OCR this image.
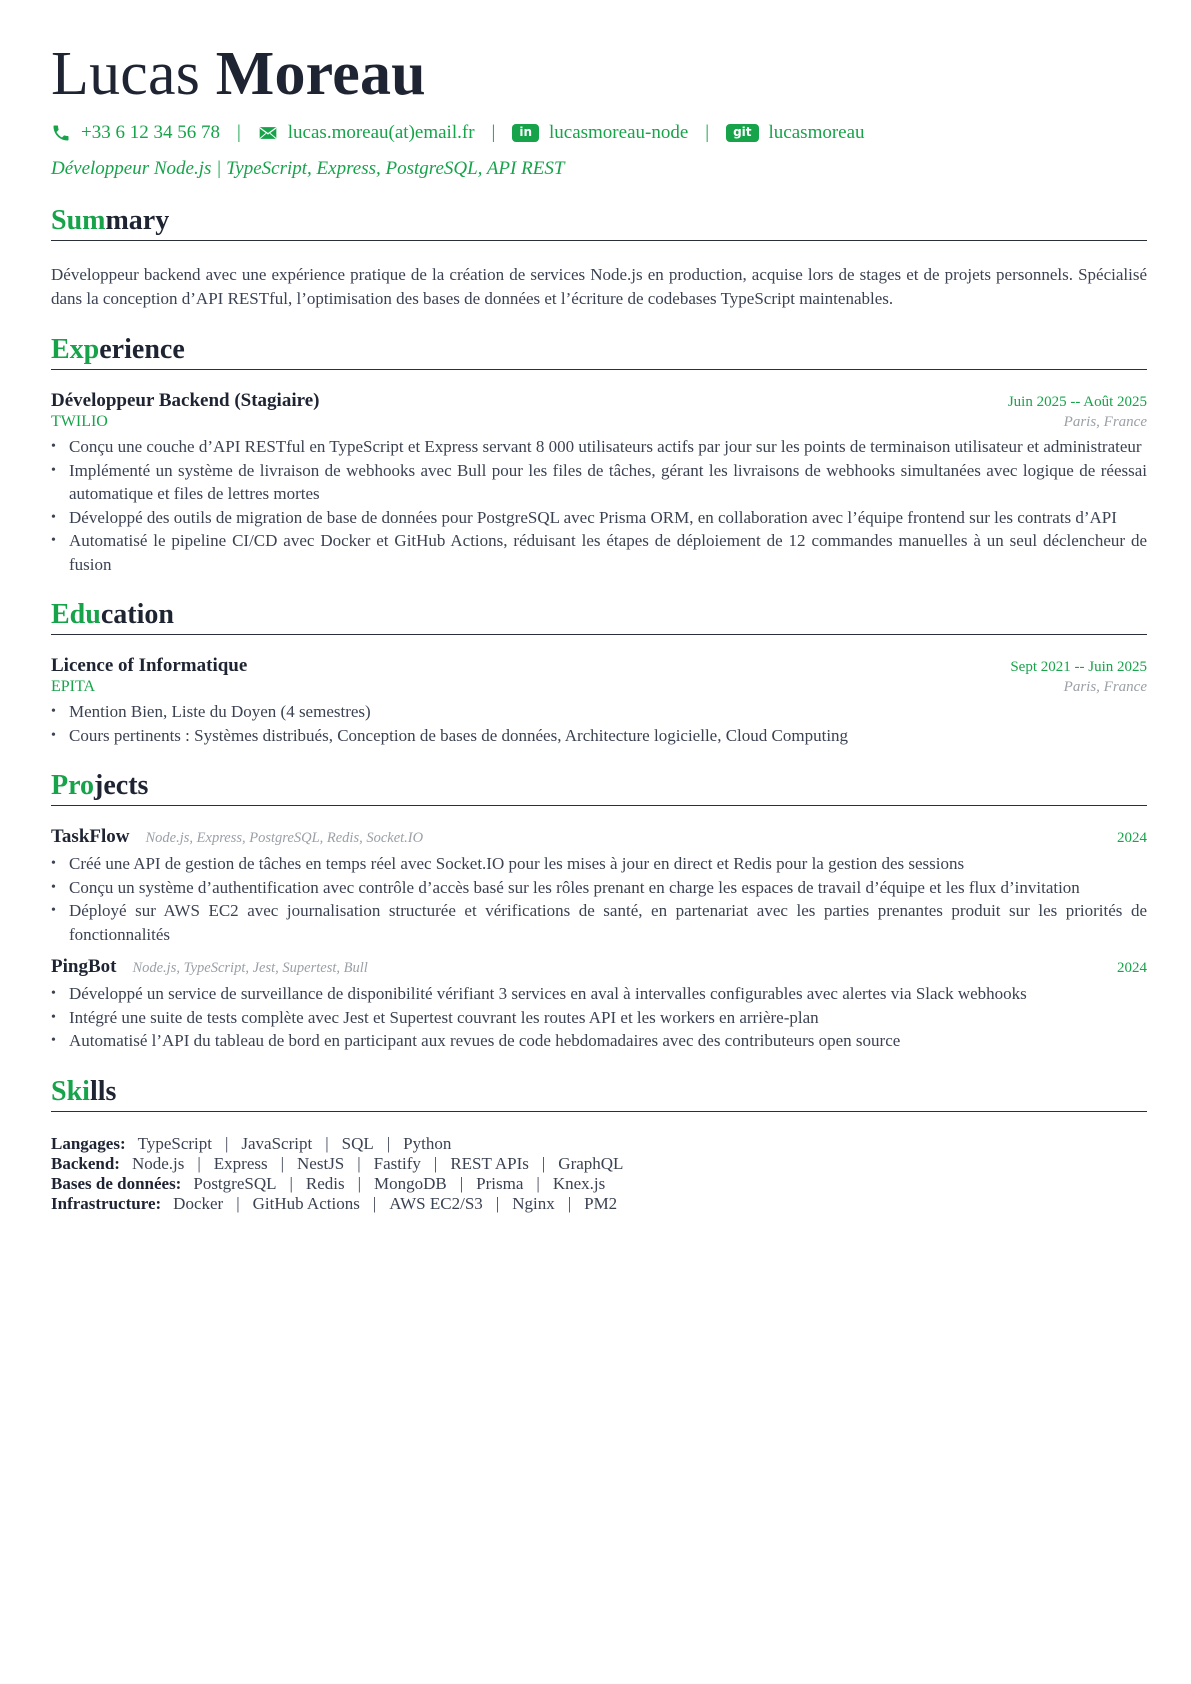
Lucas Moreau
+33 6 12 34 56 78 | lucas.moreau(at)email.fr |	in lucasmoreau-node |	git lucasmoreau
Développeur Node.js | TypeScript, Express, PostgreSQL, API REST
Summary

Développeur backend avec une expérience pratique de la création de services Node.js en production, acquise lors de stages et de projets personnels. Spécialisé dans la conception d’API RESTful, l’optimisation des bases de données et l’écriture de codebases TypeScript maintenables.

Experience
Développeur Backend (Stagiaire)	Juin 2025 -- Août 2025
TWILIO	Paris, France
• Conçu une couche d’API RESTful en TypeScript et Express servant 8 000 utilisateurs actifs par jour sur les points de terminaison utilisateur et administrateur
• Implémenté un système de livraison de webhooks avec Bull pour les files de tâches, gérant les livraisons de webhooks simultanées avec logique de réessai automatique et files de lettres mortes
• Développé des outils de migration de base de données pour PostgreSQL avec Prisma ORM, en collaboration avec l’équipe frontend sur les contrats d’API
• Automatisé le pipeline CI/CD avec Docker et GitHub Actions, réduisant les étapes de déploiement de 12 commandes manuelles à un seul déclencheur de fusion
Education
Licence of Informatique	Sept 2021 -- Juin 2025
EPITA	Paris, France
• Mention Bien, Liste du Doyen (4 semestres)
• Cours pertinents : Systèmes distribués, Conception de bases de données, Architecture logicielle, Cloud Computing
Projects
TaskFlow Node.js, Express, PostgreSQL, Redis, Socket.IO	2024
• Créé une API de gestion de tâches en temps réel avec Socket.IO pour les mises à jour en direct et Redis pour la gestion des sessions
• Conçu un système d’authentification avec contrôle d’accès basé sur les rôles prenant en charge les espaces de travail d’équipe et les flux d’invitation
• Déployé sur AWS EC2 avec journalisation structurée et vérifications de santé, en partenariat avec les parties prenantes produit sur les priorités de fonctionnalités
PingBot Node.js, TypeScript, Jest, Supertest, Bull	2024
• Développé un service de surveillance de disponibilité vérifiant 3 services en aval à intervalles configurables avec alertes via Slack webhooks
• Intégré une suite de tests complète avec Jest et Supertest couvrant les routes API et les workers en arrière-plan
• Automatisé l’API du tableau de bord en participant aux revues de code hebdomadaires avec des contributeurs open source
Skills
Langages: TypeScript | JavaScript | SQL | Python
Backend: Node.js | Express | NestJS | Fastify | REST APIs | GraphQL
Bases de données: PostgreSQL | Redis | MongoDB | Prisma | Knex.js
Infrastructure: Docker | GitHub Actions | AWS EC2/S3 | Nginx | PM2
